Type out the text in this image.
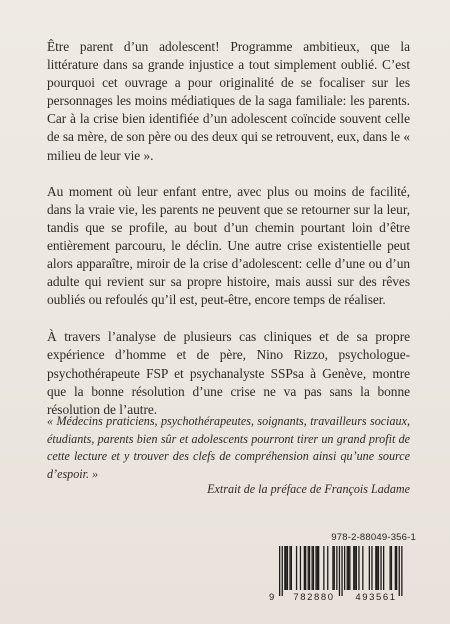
Être parent d’un adolescent! Programme ambitieux, que la littérature dans sa grande injustice a tout simplement oublié. C’est pourquoi cet ouvrage a pour originalité de se focaliser sur les personnages les moins médiatiques de la saga familiale: les parents. Car à la crise bien identifiée d’un adolescent coïncide souvent celle de sa mère, de son père ou des deux qui se retrouvent, eux, dans le « milieu de leur vie ».

Au moment où leur enfant entre, avec plus ou moins de facilité, dans la vraie vie, les parents ne peuvent que se retourner sur la leur, tandis que se profile, au bout d’un chemin pourtant loin d’être entièrement parcouru, le déclin. Une autre crise existentielle peut alors apparaître, miroir de la crise d’adolescent: celle d’une ou d’un adulte qui revient sur sa propre histoire, mais aussi sur des rêves oubliés ou refoulés qu’il est, peut-être, encore temps de réaliser.

À travers l’analyse de plusieurs cas cliniques et de sa propre expérience d’homme et de père, Nino Rizzo, psychologue-psychothérapeute FSP et psychanalyste SSPsa à Genève, montre que la bonne résolution d’une crise ne va pas sans la bonne résolution de l’autre.

« Médecins praticiens, psychothérapeutes, soignants, travailleurs sociaux, étudiants, parents bien sûr et adolescents pourront tirer un grand profit de cette lecture et y trouver des clefs de compréhension ainsi qu’une source d’espoir. »

Extrait de la préface de François Ladame

978-2-88049-356-1
9 782880 493561
